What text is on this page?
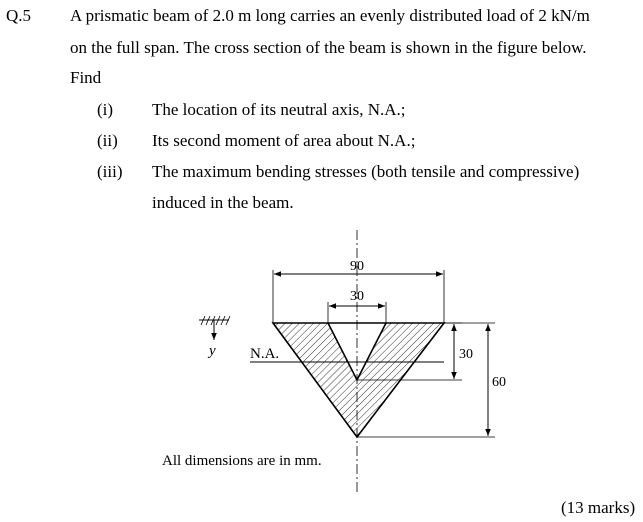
Q.5 A prismatic beam of 2.0 m long carries an evenly distributed load of 2 kN/m
on the full span. The cross section of the beam is shown in the figure below.
Find
(i) The location of its neutral axis, N.A.;
(ii) Its second moment of area about N.A.;
(iii) The maximum bending stresses (both tensile and compressive)
induced in the beam.
90
30
30
60
N.A.
y
All dimensions are in mm.
(13 marks)
